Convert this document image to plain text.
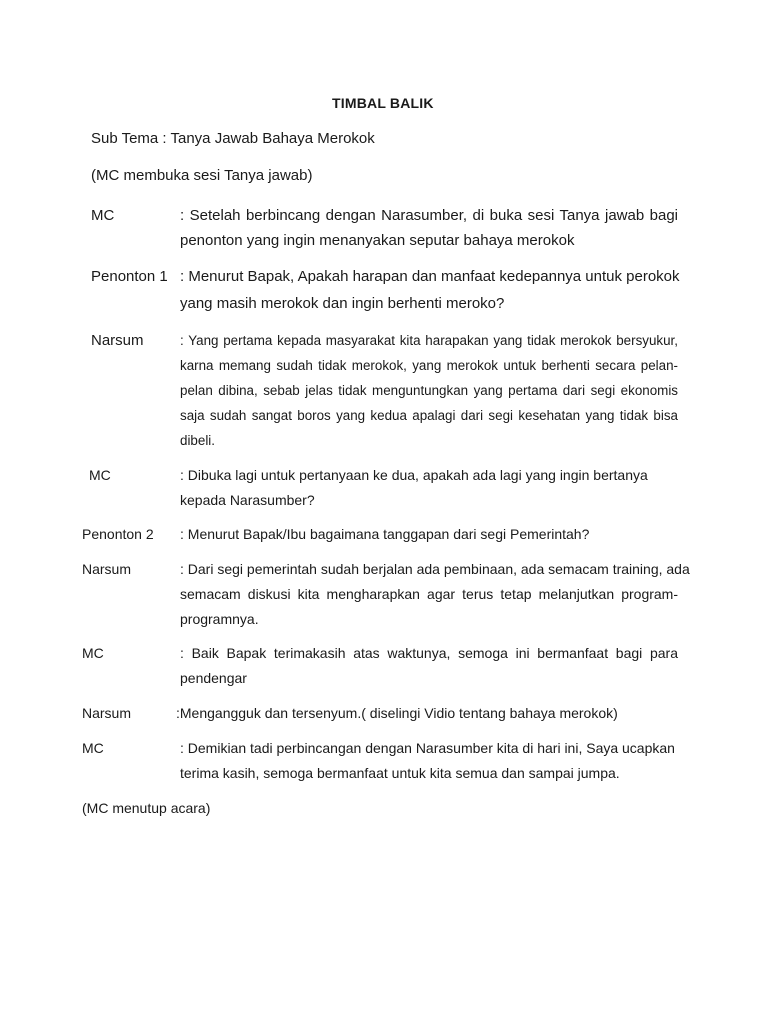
TIMBAL BALIK
Sub Tema : Tanya Jawab Bahaya Merokok
(MC membuka sesi Tanya jawab)
MC	: Setelah berbincang dengan Narasumber, di buka sesi Tanya jawab bagi
penonton yang ingin menanyakan seputar bahaya merokok
Penonton 1 : Menurut Bapak, Apakah harapan dan manfaat kedepannya untuk perokok
yang masih merokok dan ingin berhenti meroko?
Narsum	: Yang pertama kepada masyarakat kita harapakan yang tidak merokok bersyukur,
karna memang sudah tidak merokok, yang merokok untuk berhenti secara pelan-
pelan dibina, sebab jelas tidak menguntungkan yang pertama dari segi ekonomis
saja sudah sangat boros yang kedua apalagi dari segi kesehatan yang tidak bisa
dibeli.
MC	: Dibuka lagi untuk pertanyaan ke dua, apakah ada lagi yang ingin bertanya
kepada Narasumber?
Penonton 2 : Menurut Bapak/Ibu bagaimana tanggapan dari segi Pemerintah?
Narsum	: Dari segi pemerintah sudah berjalan ada pembinaan, ada semacam training, ada
semacam diskusi kita mengharapkan agar terus tetap melanjutkan program-
programnya.
MC	: Baik Bapak terimakasih atas waktunya, semoga ini bermanfaat bagi para
pendengar
Narsum	:Mengangguk dan tersenyum.( diselingi Vidio tentang bahaya merokok)
MC	: Demikian tadi perbincangan dengan Narasumber kita di hari ini, Saya ucapkan
terima kasih, semoga bermanfaat untuk kita semua dan sampai jumpa.
(MC menutup acara)
